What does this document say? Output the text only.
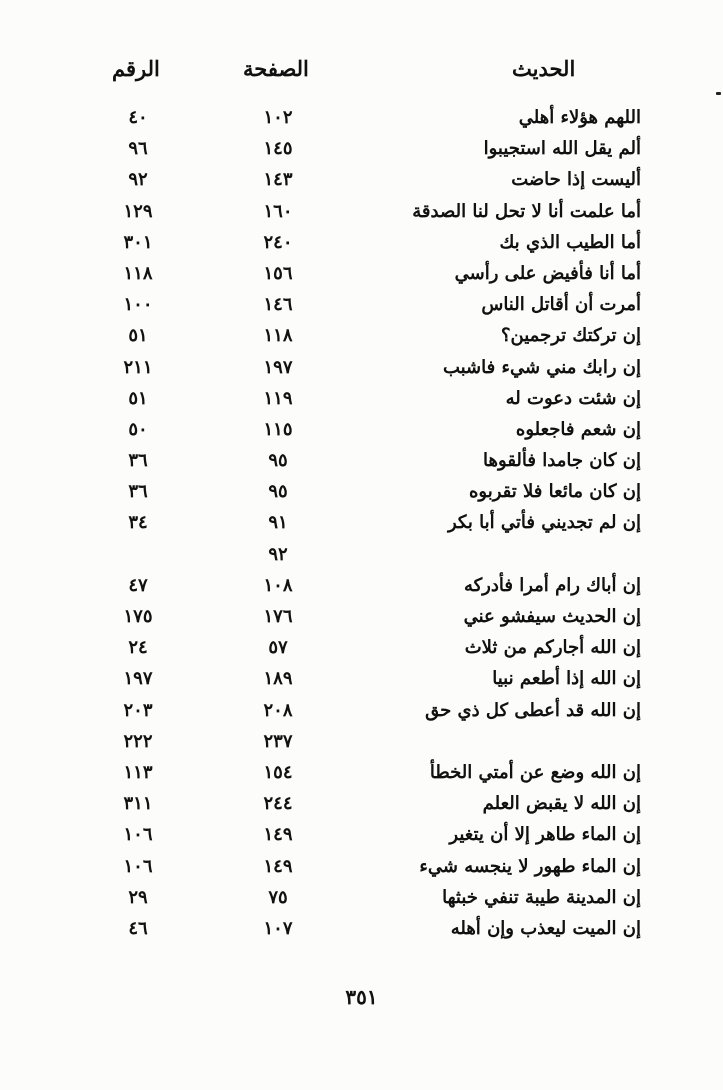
الحديث
الصفحة
الرقم
اللهم هؤلاء أهلي
١٠٢
٤٠
ألم يقل الله استجيبوا
١٤٥
٩٦
أليست إذا حاضت
١٤٣
٩٢
أما علمت أنا لا تحل لنا الصدقة
١٦٠
١٢٩
أما الطيب الذي بك
٢٤٠
٣٠١
أما أنا فأفيض على رأسي
١٥٦
١١٨
أمرت أن أقاتل الناس
١٤٦
١٠٠
إن تركتك ترجمين؟
١١٨
٥١
إن رابك مني شيء فاشبب
١٩٧
٢١١
إن شئت دعوت له
١١٩
٥١
إن شعم فاجعلوه
١١٥
٥٠
إن كان جامدا فألقوها
٩٥
٣٦
إن كان مائعا فلا تقربوه
٩٥
٣٦
إن لم تجديني فأتي أبا بكر
٩١
٣٤
٩٢
إن أباك رام أمرا فأدركه
١٠٨
٤٧
إن الحديث سيفشو عني
١٧٦
١٧٥
إن الله أجاركم من ثلاث
٥٧
٢٤
إن الله إذا أطعم نبيا
١٨٩
١٩٧
إن الله قد أعطى كل ذي حق
٢٠٨
٢٠٣
٢٣٧
٢٢٢
إن الله وضع عن أمتي الخطأ
١٥٤
١١٣
إن الله لا يقبض العلم
٢٤٤
٣١١
إن الماء طاهر إلا أن يتغير
١٤٩
١٠٦
إن الماء طهور لا ينجسه شيء
١٤٩
١٠٦
إن المدينة طيبة تنفي خبثها
٧٥
٢٩
إن الميت ليعذب وإن أهله
١٠٧
٤٦
٣٥١
